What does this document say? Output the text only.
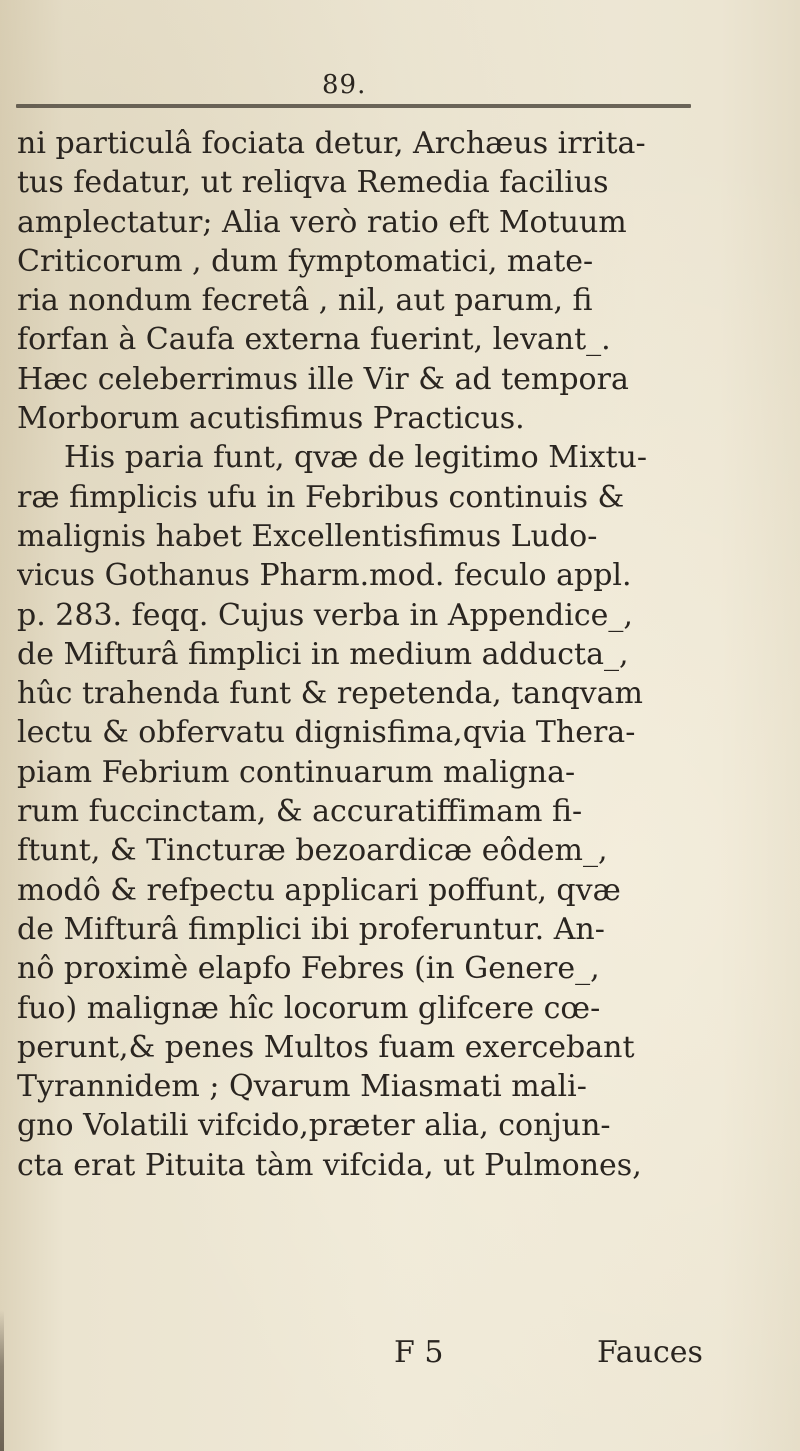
89.
ni particulâ fociata detur, Archæus irrita-
tus fedatur, ut reliqva Remedia facilius
amplectatur; Alia verò ratio eft Motuum
Criticorum , dum fymptomatici, mate-
ria nondum fecretâ , nil, aut parum, fi
forfan à Caufa externa fuerint, levant_.
Hæc celeberrimus ille Vir & ad tempora
Morborum acutisfimus Practicus.
His paria funt, qvæ de legitimo Mixtu-
ræ fimplicis ufu in Febribus continuis &
malignis habet Excellentisfimus Ludo-
vicus Gothanus Pharm.mod. feculo appl.
p. 283. feqq. Cujus verba in Appendice_,
de Mifturâ fimplici in medium adducta_,
hûc trahenda funt & repetenda, tanqvam
lectu & obfervatu dignisfima,qvia Thera-
piam Febrium continuarum maligna-
rum fuccinctam, & accuratiffimam fi-
ftunt, & Tincturæ bezoardicæ eôdem_,
modô & refpectu applicari poffunt, qvæ
de Mifturâ fimplici ibi proferuntur. An-
nô proximè elapfo Febres (in Genere_,
fuo) malignæ hîc locorum glifcere cœ-
perunt,& penes Multos fuam exercebant
Tyrannidem ; Qvarum Miasmati mali-
gno Volatili vifcido,præter alia, conjun-
cta erat Pituita tàm vifcida, ut Pulmones,
F 5	Fauces
